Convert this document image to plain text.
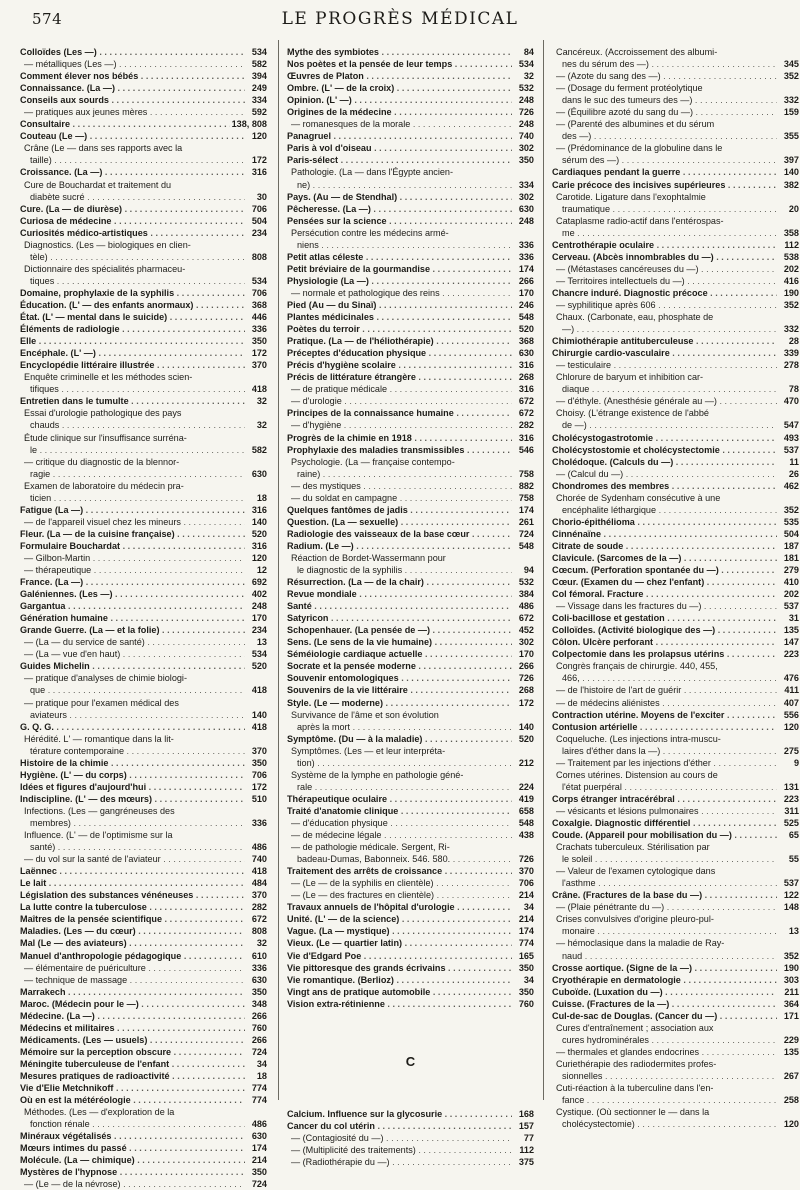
574	LE PROGRÈS MÉDICAL
Colloïdes (Les —) . . .	534
— métalliques (Les —) . . .	582
Comment élever nos bébés . . .	394
Connaissance. (La —) . . .	249
Conseils aux sourds . . .	334
— pratiques aux jeunes mères . . .	592
Consultaire . . .	138, 808
Couteau (Le —) . . .	120
Crâne (Le — dans ses rapports avec la
taille) . . .	172
Croissance. (La —) . . .	316
Cure de Bouchardat et traitement du
diabète sucré . . .	30
Cure. (La — de diurèse) . . .	706
Curiosa de médecine . . .	504
Curiosités médico-artistiques . . .	234
Diagnostics. (Les — biologiques en clien-
tèle) . . .	808
Dictionnaire des spécialités pharmaceu-
tiques . . .	534
Domaine, prophylaxie de la syphilis . . .	706
Éducation. (L' — des enfants anormaux) . . .	368
État. (L' — mental dans le suicide) . . .	446
Éléments de radiologie . . .	336
Elle . . .	350
Encéphale. (L' —) . . .	172
Encyclopédie littéraire illustrée . . .	370
Enquête criminelle et les méthodes scien-
tifiques . . .	418
Entretien dans le tumulte . . .	32
Essai d'urologie pathologique des pays
chauds . . .	32
Étude clinique sur l'insuffisance surréna-
le . . .	582
— critique du diagnostic de la blennor-
ragie . . .	630
Examen de laboratoire du médecin pra-
ticien . . .	18
Fatigue (La —) . . .	316
— de l'appareil visuel chez les mineurs . . .	140
Fleur. (La — de la cuisine française) . . .	520
Formulaire Bouchardat . . .	316
— Gilbon-Martin . . .	120
— thérapeutique . . .	12
France. (La —) . . .	692
Galéniennes. (Les —) . . .	402
Gargantua . . .	248
Génération humaine . . .	170
Grande Guerre. (La — et la folie) . . .	234
— (La — du service de santé) . . .	13
— (La — vue d'en haut) . . .	534
Guides Michelin . . .	520
— pratique d'analyses de chimie biologi-
que . . .	418
— pratique pour l'examen médical des
aviateurs . . .	140
G. Q. G. . . .	418
Hérédité. L' — romantique dans la lit-
térature contemporaine . . .	370
Histoire de la chimie . . .	350
Hygiène. (L' — du corps) . . .	706
Idées et figures d'aujourd'hui . . .	172
Indiscipline. (L' — des mœurs) . . .	510
Infections. (Les — gangréneuses des
membres) . . .	336
Influence. (L' — de l'optimisme sur la
santé) . . .	486
— du vol sur la santé de l'aviateur . . .	740
Laënnec . . .	418
Le lait . . .	484
Législation des substances vénéneuses . . .	370
La lutte contre la tuberculose . . .	282
Maîtres de la pensée scientifique . . .	672
Maladies. (Les — du cœur) . . .	808
Mal (Le — des aviateurs) . . .	32
Manuel d'anthropologie pédagogique . . .	610
— élémentaire de puériculture . . .	336
— technique de massage . . .	630
Marrakech . . .	350
Maroc. (Médecin pour le —) . . .	348
Médecine. (La —) . . .	266
Médecins et militaires . . .	760
Médicaments. (Les — usuels) . . .	266
Mémoire sur la perception obscure . . .	724
Méningite tuberculeuse de l'enfant . . .	34
Mesures pratiques de radioactivité . . .	18
Vie d'Elie Metchnikoff . . .	774
Où en est la météréologie . . .	774
Méthodes. (Les — d'exploration de la
fonction rénale . . .	486
Minéraux végétalisés . . .	630
Mœurs intimes du passé . . .	174
Molécule. (La — chimique) . . .	214
Mystères de l'hypnose . . .	350
— (Le — de la névrose) . . .	724
Mythe des symbiotes . . .	84
Nos poètes et la pensée de leur temps . . .	534
Œuvres de Platon . . .	32
Ombre. (L' — de la croix) . . .	532
Opinion. (L' —) . . .	248
Origines de la médecine . . .	726
— romanesques de la morale . . .	248
Panagruel . . .	740
Paris à vol d'oiseau . . .	302
Paris-sélect . . .	350
Pathologie. (La — dans l'Égypte ancien-
ne) . . .	334
Pays. (Au — de Stendhal) . . .	302
Pêcheresse. (La —) . . .	630
Pensées sur la science . . .	248
Persécution contre les médecins armé-
niens . . .	336
Petit atlas céleste . . .	336
Petit bréviaire de la gourmandise . . .	174
Physiologie (La —) . . .	266
— normale et pathologique des reins . . .	170
Pied (Au — du Sinaï) . . .	246
Plantes médicinales . . .	548
Poètes du terroir . . .	520
Pratique. (La — de l'héliothérapie) . . .	368
Préceptes d'éducation physique . . .	630
Précis d'hygiène scolaire . . .	316
Précis de littérature étrangère . . .	268
— de pratique médicale . . .	316
— d'urologie . . .	672
Principes de la connaissance humaine . . .	672
— d'hygiène . . .	282
Progrès de la chimie en 1918 . . .	316
Prophylaxie des maladies transmissibles . . .	546
Psychologie. (La — française contempo-
raine) . . .	758
— des mystiques . . .	882
— du soldat en campagne . . .	758
Quelques fantômes de jadis . . .	174
Question. (La — sexuelle) . . .	261
Radiologie des vaisseaux de la base cœur . . .	724
Radium. (Le —) . . .	548
Réaction de Bordet-Wassermann pour
le diagnostic de la syphilis . . .	94
Résurrection. (La — de la chair) . . .	532
Revue mondiale . . .	384
Santé . . .	486
Satyricon . . .	672
Schopenhauer. (La pensée de —) . . .	452
Sens. (Le sens de la vie humaine) . . .	302
Séméiologie cardiaque actuelle . . .	170
Socrate et la pensée moderne . . .	266
Souvenir entomologiques . . .	726
Souvenirs de la vie littéraire . . .	268
Style. (Le — moderne) . . .	172
Survivance de l'âme et son évolution
après la mort . . .	140
Symptôme. (Du — à la maladie) . . .	520
Symptômes. (Les — et leur interpréta-
tion) . . .	212
Système de la lymphe en pathologie géné-
rale . . .	224
Thérapeutique oculaire . . .	419
Traité d'anatomie clinique . . .	658
— d'éducation physique . . .	548
— de médecine légale . . .	438
— de pathologie médicale. Sergent, Ri-
badeau-Dumas, Babonneix. 546. 580. . . .	726
Traitement des arrêts de croissance . . .	370
— (Le — de la syphilis en clientèle) . . .	706
— (Le — des fractures en clientèle) . . .	214
Travaux annuels de l'hôpital d'urologie . . .	34
Unité. (L' — de la science) . . .	214
Vague. (La — mystique) . . .	174
Vieux. (Le — quartier latin) . . .	774
Vie d'Edgard Poe . . .	165
Vie pittoresque des grands écrivains . . .	350
Vie romantique. (Berlioz) . . .	34
Vingt ans de pratique automobile . . .	350
Vision extra-rétinienne . . .	760
C
Calcium. Influence sur la glycosurie . . .	168
Cancer du col utérin . . .	157
— (Contagiosité du —) . . .	77
— (Multiplicité des traitements) . . .	112
— (Radiothérapie du —) . . .	375
Cancéreux. (Accroissement des albumi-
nes du sérum des —) . . .	345
— (Azote du sang des —) . . .	352
— (Dosage du ferment protéolytique
dans le suc des tumeurs des —) . . .	332
— (Équilibre azoté du sang du —) . . .	159
— (Parenté des albumines et du sérum
des —) . . .	355
— (Prédominance de la globuline dans le
sérum des —) . . .	397
Cardiaques pendant la guerre . . .	140
Carie précoce des incisives supérieures . . .	382
Carotide. Ligature dans l'exophtalmie
traumatique . . .	20
Cataplasme radio-actif dans l'entérospas-
me . . .	358
Centrothérapie oculaire . . .	112
Cerveau. (Abcès innombrables du —) . . .	538
— (Métastases cancéreuses du —) . . .	202
— Territoires intellectuels du —) . . .	416
Chancre induré. Diagnostic précoce . . .	190
— syphilitique après 606 . . .	352
Chaux. (Carbonate, eau, phosphate de
—) . . .	332
Chimiothérapie antituberculeuse . . .	28
Chirurgie cardio-vasculaire . . .	339
— testiculaire . . .	278
Chlorure de baryum et inhibition car-
diaque . . .	78
— d'éthyle. (Anesthésie générale au —) . . .	470
Choisy. (L'étrange existence de l'abbé
de —) . . .	547
Cholécystogastrotomie . . .	493
Cholécystostomie et cholécystectomie . . .	537
Cholédoque. (Calculs du —) . . .	11
— (Calcul du —) . . .	26
Chondromes des membres . . .	462
Chorée de Sydenham consécutive à une
encéphalite léthargique . . .	352
Chorio-épithélioma . . .	535
Cinnénaïne . . .	504
Citrate de soude . . .	187
Clavicule. (Sarcomes de la —) . . .	181
Cœcum. (Perforation spontanée du —) . . .	279
Cœur. (Examen du — chez l'enfant) . . .	410
Col fémoral. Fracture . . .	202
— Vissage dans les fractures du —) . . .	537
Coli-bacillose et gestation . . .	31
Colloïdes. (Activité biologique des —) . . .	135
Côlon. Ulcère perforant . . .	147
Colpectomie dans les prolapsus utérins . . .	223
Congrès français de chirurgie. 440, 455,
466, . . .	476
— de l'histoire de l'art de guérir . . .	411
— de médecins aliénistes . . .	407
Contraction utérine. Moyens de l'exciter . . .	556
Contusion artérielle . . .	120
Coqueluche. (Les injections intra-muscu-
laires d'éther dans la —) . . .	275
— Traitement par les injections d'éther . . .	9
Cornes utérines. Distension au cours de
l'état puerpéral . . .	131
Corps étranger intracérébral . . .	223
— vésicants et lésions pulmonaires . . .	311
Coxalgie. Diagnostic différentiel . . .	525
Coude. (Appareil pour mobilisation du —) . . .	65
Crachats tuberculeux. Stérilisation par
le soleil . . .	55
— Valeur de l'examen cytologique dans
l'asthme . . .	537
Crâne. (Fractures de la base du —) . . .	122
— (Plaie pénétrante du —) . . .	148
Crises convulsives d'origine pleuro-pul-
monaire . . .	13
— hémoclasique dans la maladie de Ray-
naud . . .	352
Crosse aortique. (Signe de la —) . . .	190
Cryothérapie en dermatologie . . .	303
Cuboïde. (Luxation du —) . . .	211
Cuisse. (Fractures de la —) . . .	364
Cul-de-sac de Douglas. (Cancer du —) . . .	171
Cures d'entraînement ; association aux
cures hydrominérales . . .	229
— thermales et glandes endocrines . . .	135
Curiethérapie des radiodermites profes-
sionnelles . . .	267
Cuti-réaction à la tuberculine dans l'en-
fance . . .	258
Cystique. (Où sectionner le — dans la
cholécystectomie) . . .	120
